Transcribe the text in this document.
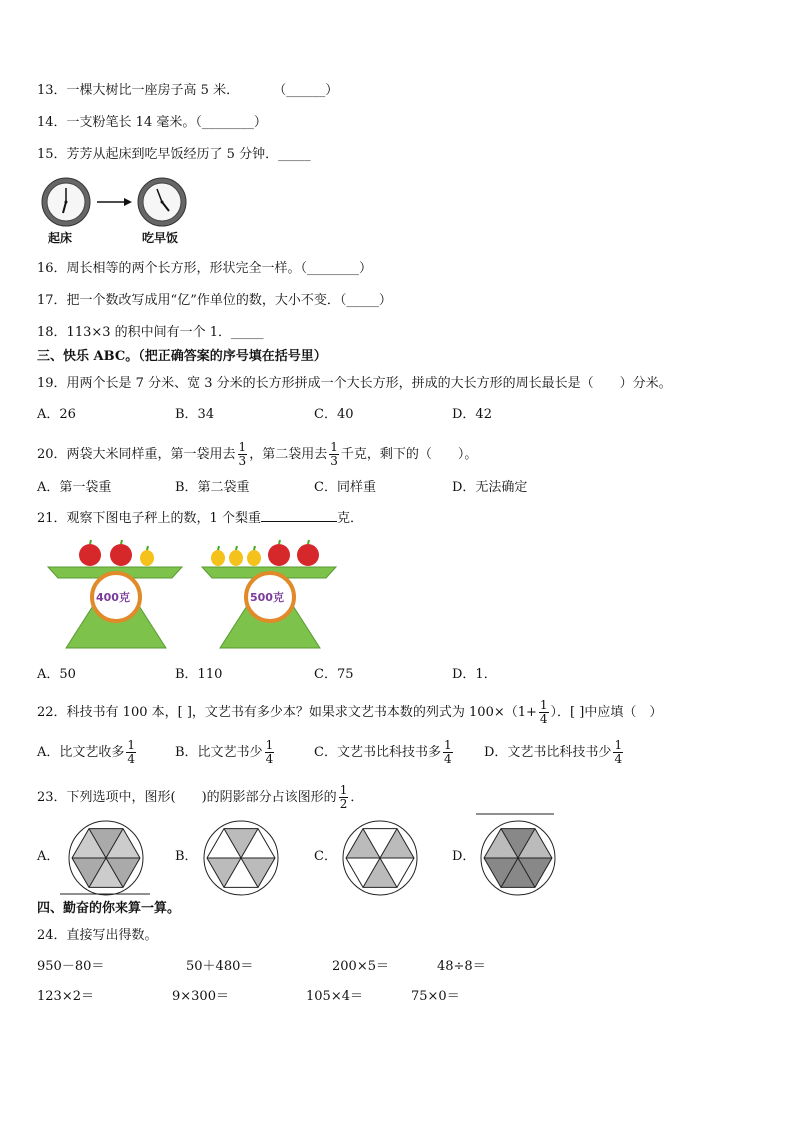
13．一棵大树比一座房子高 5 米．	（______）
14．一支粉笔长 14 毫米。（________）
15．芳芳从起床到吃早饭经历了 5 分钟．_____
起床	吃早饭
16．周长相等的两个长方形，形状完全一样。（________）
17．把一个数改写成用“亿”作单位的数，大小不变．（_____）
18．113×3 的积中间有一个 1．_____
三、快乐 ABC。（把正确答案的序号填在括号里）
19．用两个长是 7 分米、宽 3 分米的长方形拼成一个大长方形，拼成的大长方形的周长最长是（　　）分米。
A．26	B．34	C．40	D．42
20．两袋大米同样重，第一袋用去 $\frac{1}{3}$ ，第二袋用去 $\frac{1}{3}$ 千克，剩下的（　　）。
A．第一袋重	B．第二袋重	C．同样重	D．无法确定
21．观察下图电子秤上的数，1 个梨重	克．
400克	500克
A．50	B．110	C．75	D．1．
22．科技书有 100 本，[ ]，文艺书有多少本？如果求文艺书本数的列式为 $100\times(1+ \frac{1}{4}$ ）．[ ]中应填（　）
A．比文艺收多 $\frac{1}{4}$	B．比文艺书少 $\frac{1}{4}$	C．文艺书比科技书多 $\frac{1}{4}$ D．文艺书比科技书少 $\frac{1}{4}$
23．下列选项中，图形(　　)的阴影部分占该图形的 $\frac{1}{2}$ ．
A．	B．	C．	D．
四、勤奋的你来算一算。
24．直接写出得数。
950－80＝	50＋480＝	200×5＝	48÷8＝
123×2＝	9×300＝	105×4＝	75×0＝
